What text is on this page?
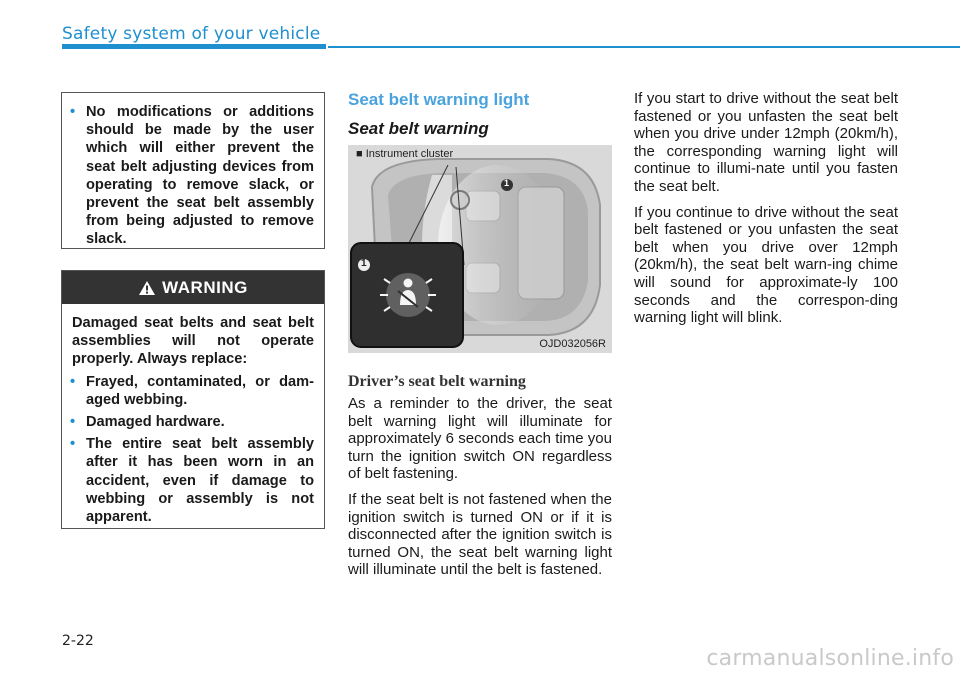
Safety system of your vehicle
• No modifications or additions should be made by the user which will either prevent the seat belt adjusting devices from operating to remove slack, or prevent the seat belt assembly from being adjusted to remove slack.
WARNING

Damaged seat belts and seat belt assemblies will not operate properly. Always replace:

• Frayed, contaminated, or dam-aged webbing.
• Damaged hardware.
• The entire seat belt assembly after it has been worn in an accident, even if damage to webbing or assembly is not apparent.
Seat belt warning light
Seat belt warning
■ Instrument cluster
1
1
OJD032056R
Driver’s seat belt warning

As a reminder to the driver, the seat belt warning light will illuminate for approximately 6 seconds each time you turn the ignition switch ON regardless of belt fastening.

If the seat belt is not fastened when the ignition switch is turned ON or if it is disconnected after the ignition switch is turned ON, the seat belt warning light will illuminate until the belt is fastened.

If you start to drive without the seat belt fastened or you unfasten the seat belt when you drive under 12mph (20km/h), the corresponding warning light will continue to illumi-nate until you fasten the seat belt.

If you continue to drive without the seat belt fastened or you unfasten the seat belt when you drive over 12mph (20km/h), the seat belt warn-ing chime will sound for approximate-ly 100 seconds and the correspon-ding warning light will blink.

2-22
carmanualsonline.info
